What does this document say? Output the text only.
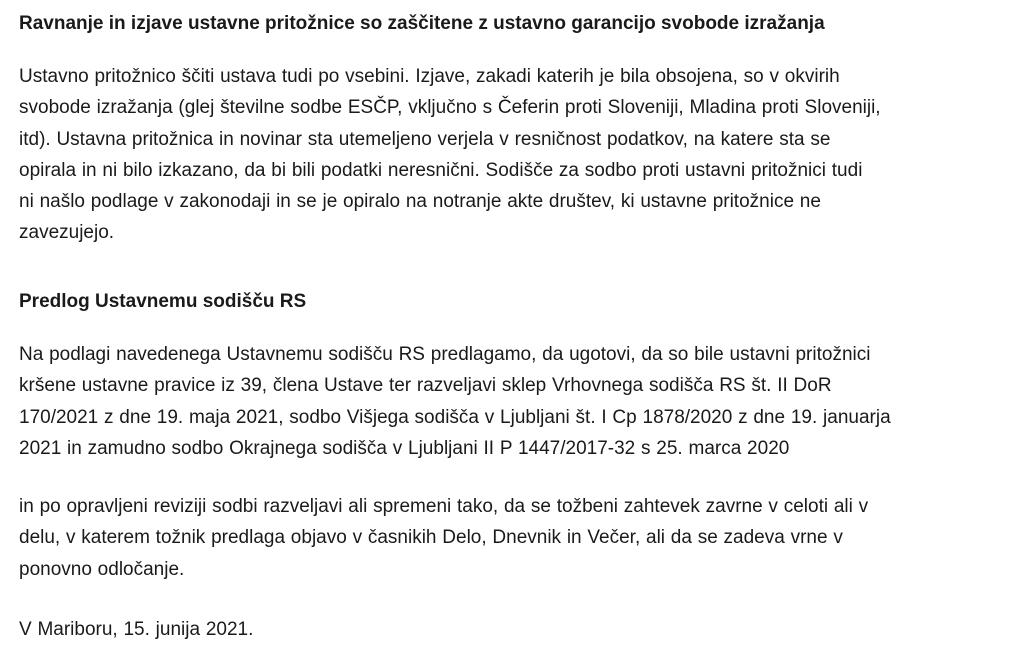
Ravnanje in izjave ustavne pritožnice so zaščitene z ustavno garancijo svobode izražanja

Ustavno pritožnico ščiti ustava tudi po vsebini. Izjave, zakadi katerih je bila obsojena, so v okvirih
svobode izražanja (glej številne sodbe ESČP, vključno s Čeferin proti Sloveniji, Mladina proti Sloveniji,
itd). Ustavna pritožnica in novinar sta utemeljeno verjela v resničnost podatkov, na katere sta se
opirala in ni bilo izkazano, da bi bili podatki neresnični. Sodišče za sodbo proti ustavni pritožnici tudi
ni našlo podlage v zakonodaji in se je opiralo na notranje akte društev, ki ustavne pritožnice ne
zavezujejo.

Predlog Ustavnemu sodišču RS

Na podlagi navedenega Ustavnemu sodišču RS predlagamo, da ugotovi, da so bile ustavni pritožnici
kršene ustavne pravice iz 39, člena Ustave ter razveljavi sklep Vrhovnega sodišča RS št. II DoR
170/2021 z dne 19. maja 2021, sodbo Višjega sodišča v Ljubljani št. I Cp 1878/2020 z dne 19. januarja
2021 in zamudno sodbo Okrajnega sodišča v Ljubljani II P 1447/2017-32 s 25. marca 2020

in po opravljeni reviziji sodbi razveljavi ali spremeni tako, da se tožbeni zahtevek zavrne v celoti ali v
delu, v katerem tožnik predlaga objavo v časnikih Delo, Dnevnik in Večer, ali da se zadeva vrne v
ponovno odločanje.

V Mariboru, 15. junija 2021.
